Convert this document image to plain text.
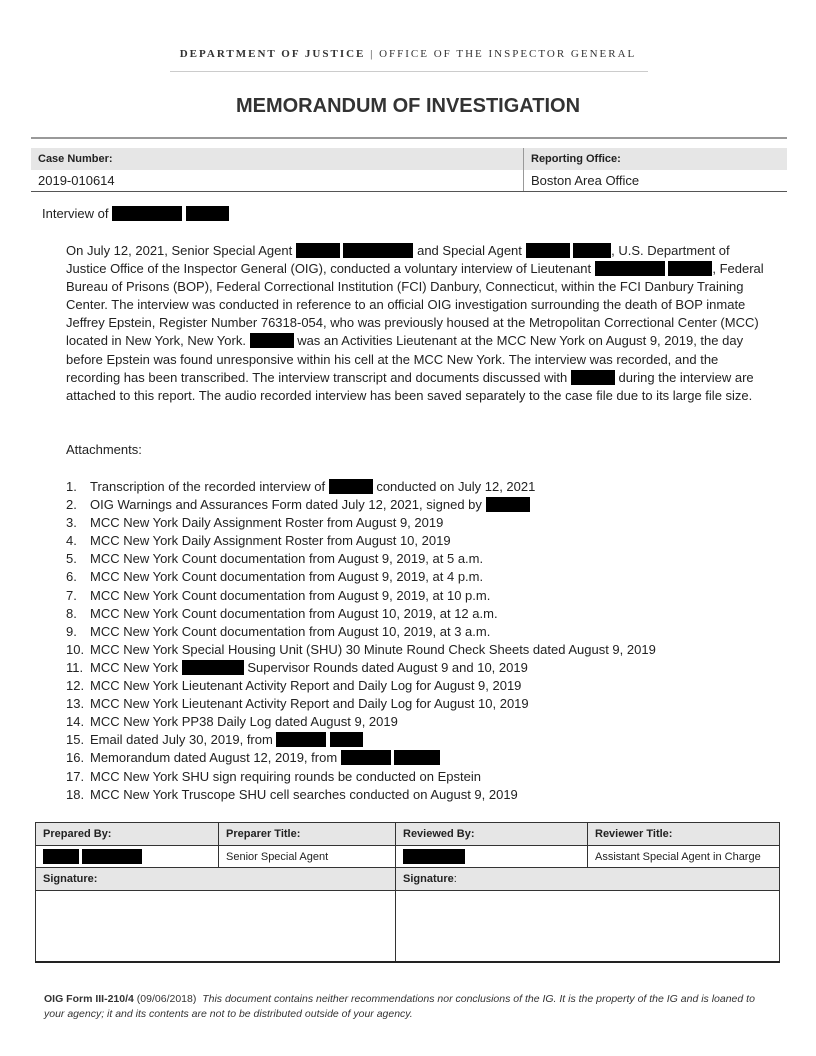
DEPARTMENT OF JUSTICE | OFFICE OF THE INSPECTOR GENERAL
MEMORANDUM OF INVESTIGATION
Case Number:	Reporting Office:
2019-010614	Boston Area Office
Interview of
On July 12, 2021, Senior Special Agent	and Special Agent	, U.S. Department of Justice Office of the Inspector General (OIG), conducted a voluntary interview of Lieutenant	, Federal Bureau of Prisons (BOP), Federal Correctional Institution (FCI) Danbury, Connecticut, within the FCI Danbury Training Center. The interview was conducted in reference to an official OIG investigation surrounding the death of BOP inmate Jeffrey Epstein, Register Number 76318-054, who was previously housed at the Metropolitan Correctional Center (MCC) located in New York, New York.	was an Activities Lieutenant at the MCC New York on August 9, 2019, the day before Epstein was found unresponsive within his cell at the MCC New York. The interview was recorded, and the recording has been transcribed. The interview transcript and documents discussed with	during the interview are attached to this report. The audio recorded interview has been saved separately to the case file due to its large file size.
Attachments:
1. Transcription of the recorded interview of	conducted on July 12, 2021
2. OIG Warnings and Assurances Form dated July 12, 2021, signed by
3. MCC New York Daily Assignment Roster from August 9, 2019
4. MCC New York Daily Assignment Roster from August 10, 2019
5. MCC New York Count documentation from August 9, 2019, at 5 a.m.
6. MCC New York Count documentation from August 9, 2019, at 4 p.m.
7. MCC New York Count documentation from August 9, 2019, at 10 p.m.
8. MCC New York Count documentation from August 10, 2019, at 12 a.m.
9. MCC New York Count documentation from August 10, 2019, at 3 a.m.
10. MCC New York Special Housing Unit (SHU) 30 Minute Round Check Sheets dated August 9, 2019
11. MCC New York	Supervisor Rounds dated August 9 and 10, 2019
12. MCC New York Lieutenant Activity Report and Daily Log for August 9, 2019
13. MCC New York Lieutenant Activity Report and Daily Log for August 10, 2019
14. MCC New York PP38 Daily Log dated August 9, 2019
15. Email dated July 30, 2019, from
16. Memorandum dated August 12, 2019, from
17. MCC New York SHU sign requiring rounds be conducted on Epstein
18. MCC New York Truscope SHU cell searches conducted on August 9, 2019
Prepared By:	Preparer Title:	Reviewed By:	Reviewer Title:
	Senior Special Agent		Assistant Special Agent in Charge
Signature:		Signature:	

OIG Form III-210/4 (09/06/2018) This document contains neither recommendations nor conclusions of the IG. It is the property of the IG and is loaned to your agency; it and its contents are not to be distributed outside of your agency.
